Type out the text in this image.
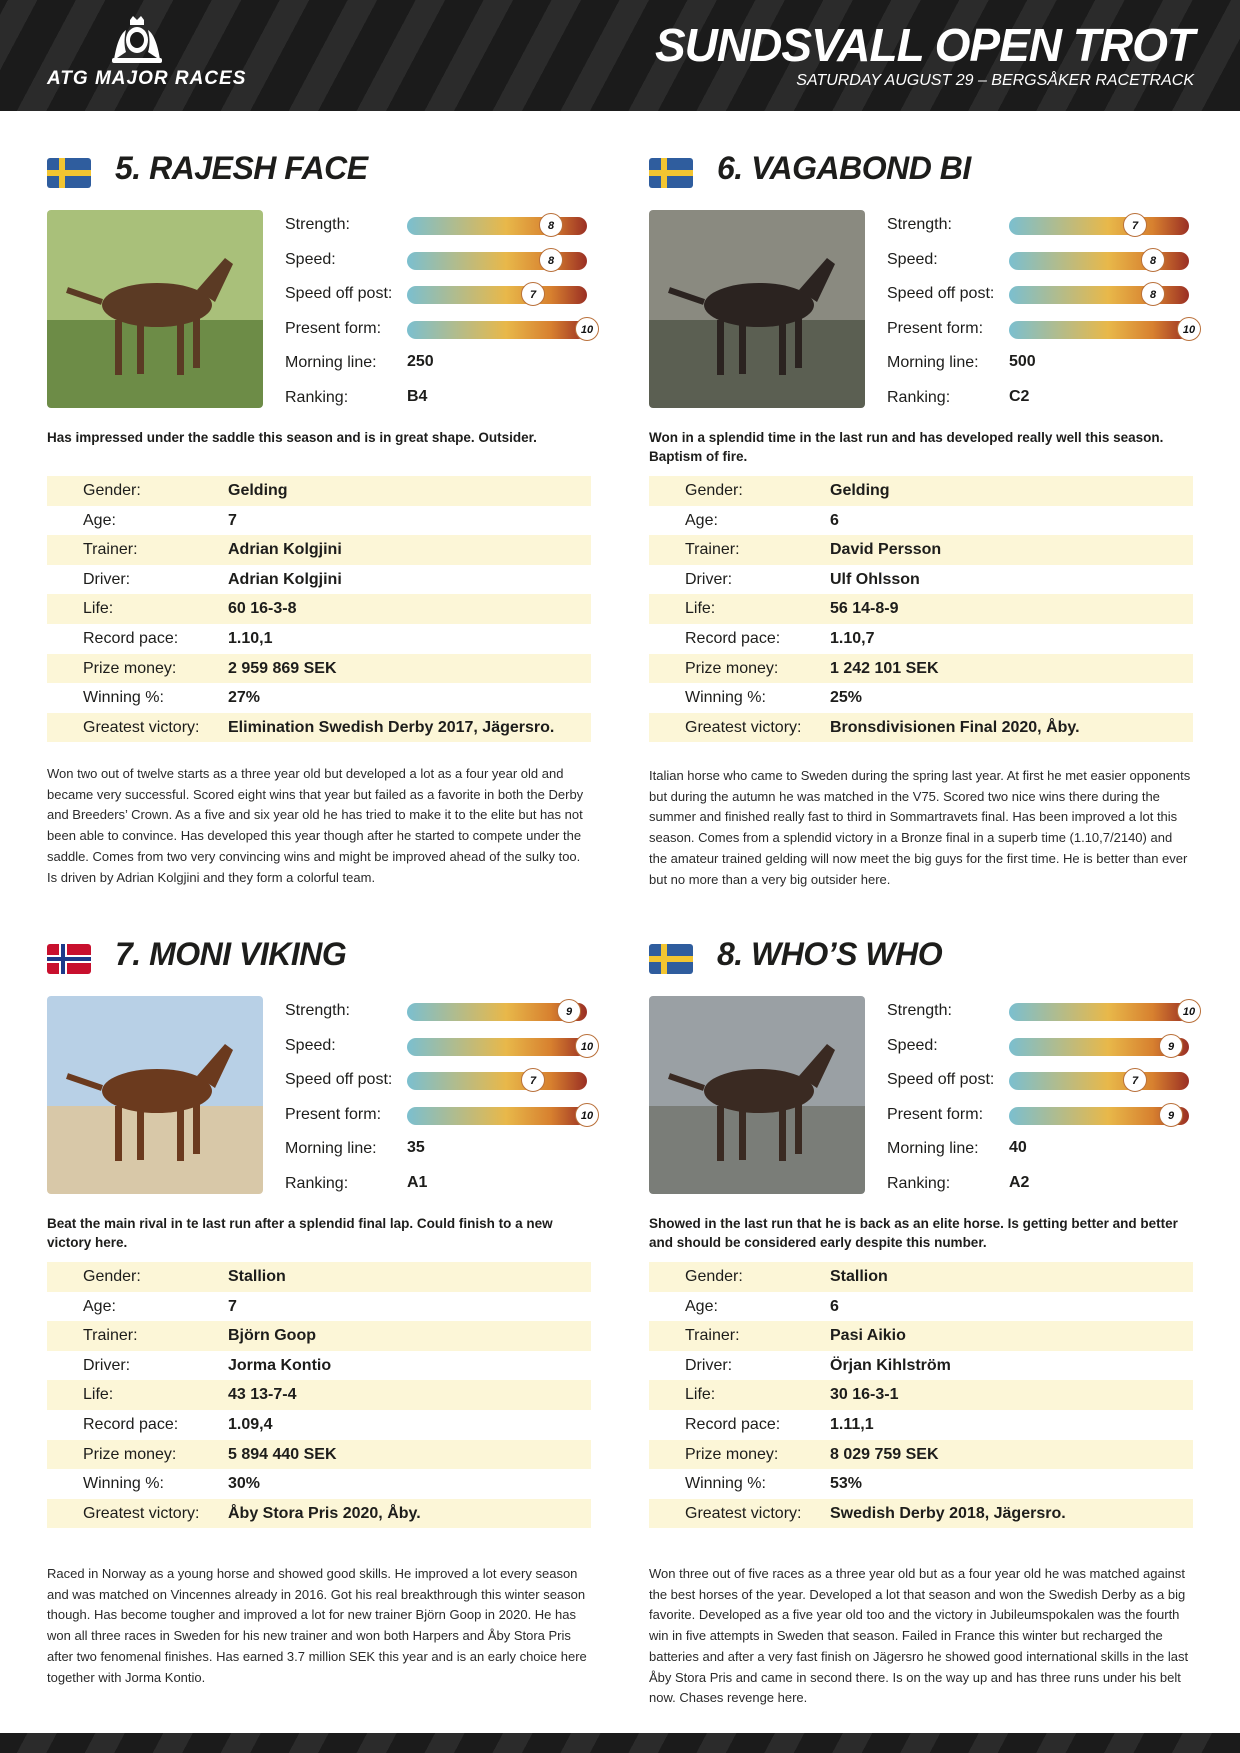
ATG MAJOR RACES
SUNDSVALL OPEN TROT
SATURDAY AUGUST 29 – BERGSÅKER RACETRACK
5. RAJESH FACE
Strength:	8
Speed:	8
Speed off post:	7
Present form:	10
Morning line: 250
Ranking:	B4
Has impressed under the saddle this season and is in great shape. Outsider.
Gender:	Gelding
Age:	7
Trainer:	Adrian Kolgjini
Driver:	Adrian Kolgjini
Life:	60 16-3-8
Record pace:	1.10,1
Prize money:	2 959 869 SEK
Winning %:	27%
Greatest victory: Elimination Swedish Derby 2017, Jägersro.
Won two out of twelve starts as a three year old but developed a lot as a four year old and became very successful. Scored eight wins that year but failed as a favorite in both the Derby and Breeders’ Crown. As a five and six year old he has tried to make it to the elite but has not been able to convince. Has developed this year though after he started to compete under the saddle. Comes from two very convincing wins and might be improved ahead of the sulky too. Is driven by Adrian Kolgjini and they form a colorful team.
6. VAGABOND BI
Strength:	7
Speed:	8
Speed off post:	8
Present form:	10
Morning line: 500
Ranking:	C2
Won in a splendid time in the last run and has developed really well this season. Baptism of fire.
Gender:	Gelding
Age:	6
Trainer:	David Persson
Driver:	Ulf Ohlsson
Life:	56 14-8-9
Record pace:	1.10,7
Prize money:	1 242 101 SEK
Winning %:	25%
Greatest victory: Bronsdivisionen Final 2020, Åby.
Italian horse who came to Sweden during the spring last year. At first he met easier opponents but during the autumn he was matched in the V75. Scored two nice wins there during the summer and finished really fast to third in Sommartravets final. Has been improved a lot this season. Comes from a splendid victory in a Bronze final in a superb time (1.10,7/2140) and the amateur trained gelding will now meet the big guys for the first time. He is better than ever but no more than a very big outsider here.
7. MONI VIKING
Strength:	9
Speed:	10
Speed off post:	7
Present form:	10
Morning line: 35
Ranking:	A1
Beat the main rival in te last run after a splendid final lap. Could finish to a new victory here.
Gender:	Stallion
Age:	7
Trainer:	Björn Goop
Driver:	Jorma Kontio
Life:	43 13-7-4
Record pace:	1.09,4
Prize money:	5 894 440 SEK
Winning %:	30%
Greatest victory: Åby Stora Pris 2020, Åby.
Raced in Norway as a young horse and showed good skills. He improved a lot every season and was matched on Vincennes already in 2016. Got his real breakthrough this winter season though. Has become tougher and improved a lot for new trainer Björn Goop in 2020. He has won all three races in Sweden for his new trainer and won both Harpers and Åby Stora Pris after two fenomenal finishes. Has earned 3.7 million SEK this year and is an early choice here together with Jorma Kontio.
8. WHO’S WHO
Strength:	10
Speed:	9
Speed off post:	7
Present form:	9
Morning line: 40
Ranking:	A2
Showed in the last run that he is back as an elite horse. Is getting better and better and should be considered early despite this number.
Gender:	Stallion
Age:	6
Trainer:	Pasi Aikio
Driver:	Örjan Kihlström
Life:	30 16-3-1
Record pace:	1.11,1
Prize money:	8 029 759 SEK
Winning %:	53%
Greatest victory: Swedish Derby 2018, Jägersro.
Won three out of five races as a three year old but as a four year old he was matched against the best horses of the year. Developed a lot that season and won the Swedish Derby as a big favorite. Developed as a five year old too and the victory in Jubileumspokalen was the fourth win in five attempts in Sweden that season. Failed in France this winter but recharged the batteries and after a very fast finish on Jägersro he showed good international skills in the last Åby Stora Pris and came in second there. Is on the way up and has three runs under his belt now. Chases revenge here.
